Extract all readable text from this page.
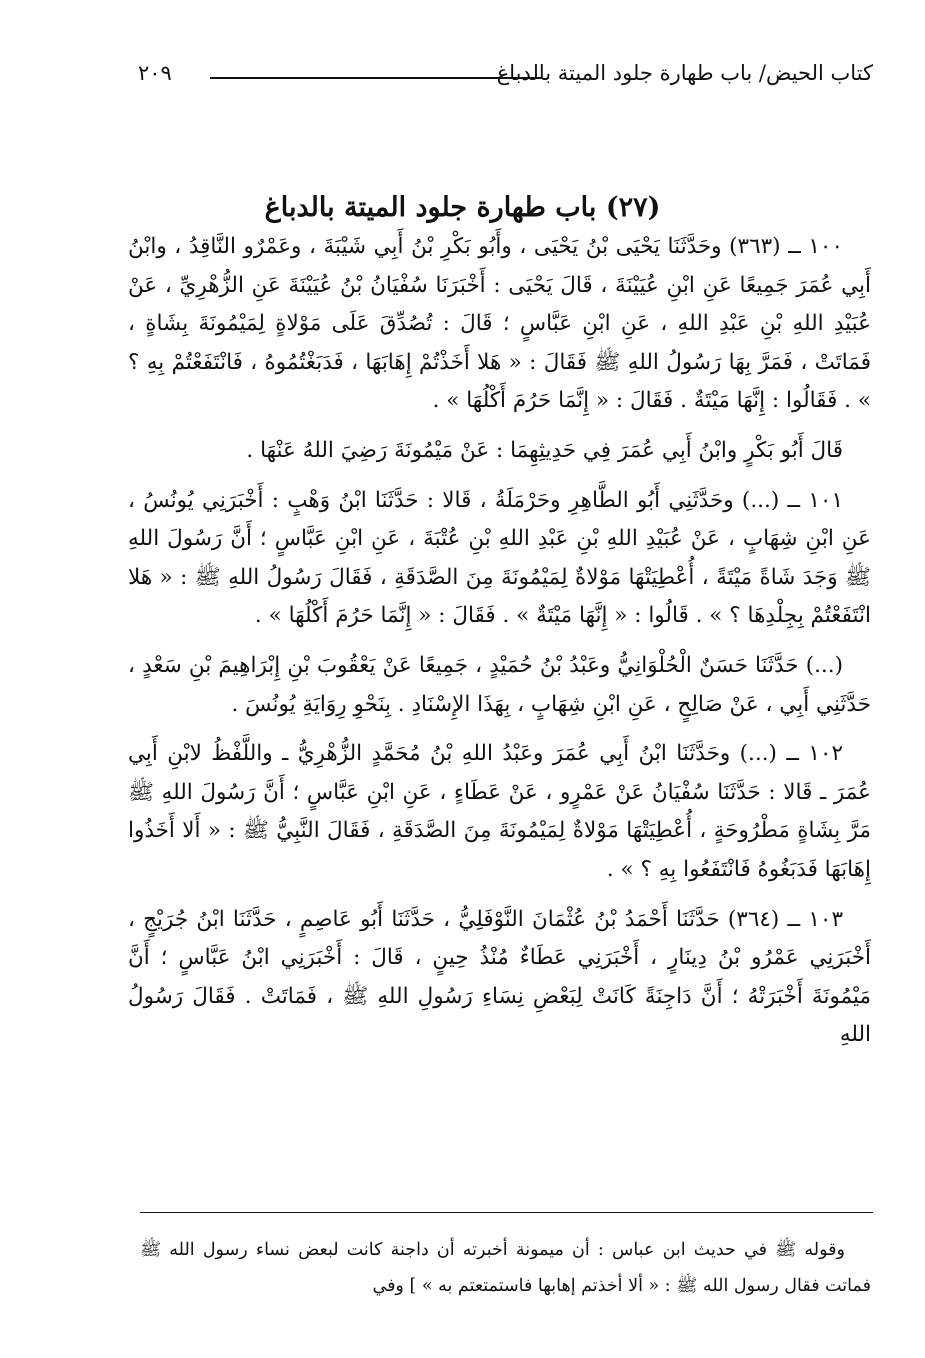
كتاب الحيض/ باب طهارة جلود الميتة بالدباغ
٢٠٩
(٢٧) باب طهارة جلود الميتة بالدباغ

١٠٠ ــ (٣٦٣) وحَدَّثَنَا يَحْيَى بْنُ يَحْيَى ، وأَبُو بَكْرِ بْنُ أَبِي شَيْبَةَ ، وعَمْرٌو النَّاقِدُ ، وابْنُ أَبِي عُمَرَ جَمِيعًا عَنِ ابْنِ عُيَيْنَةَ ، قَالَ يَحْيَى : أَخْبَرَنَا سُفْيَانُ بْنُ عُيَيْنَةَ عَنِ الزُّهْرِيِّ ، عَنْ عُبَيْدِ اللهِ بْنِ عَبْدِ اللهِ ، عَنِ ابْنِ عَبَّاسٍ ؛ قَالَ : تُصُدِّقَ عَلَى مَوْلاةٍ لِمَيْمُونَةَ بِشَاةٍ ، فَمَاتَتْ ، فَمَرَّ بِهَا رَسُولُ اللهِ ﷺ فَقَالَ : « هَلا أَخَذْتُمْ إِهَابَهَا ، فَدَبَغْتُمُوهُ ، فَانْتَفَعْتُمْ بِهِ ؟ » . فَقَالُوا : إِنَّهَا مَيْتَةٌ . فَقَالَ : « إِنَّمَا حَرُمَ أَكْلُهَا » .

قَالَ أَبُو بَكْرٍ وابْنُ أَبِي عُمَرَ فِي حَدِيثِهِمَا : عَنْ مَيْمُونَةَ رَضِيَ اللهُ عَنْهَا .

١٠١ ــ (...) وحَدَّثَنِي أَبُو الطَّاهِرِ وحَرْمَلَةُ ، قَالا : حَدَّثَنَا ابْنُ وَهْبٍ : أَخْبَرَنِي يُونُسُ ، عَنِ ابْنِ شِهَابٍ ، عَنْ عُبَيْدِ اللهِ بْنِ عَبْدِ اللهِ بْنِ عُتْبَةَ ، عَنِ ابْنِ عَبَّاسٍ ؛ أَنَّ رَسُولَ اللهِ ﷺ وَجَدَ شَاةً مَيْتَةً ، أُعْطِيَتْهَا مَوْلاةٌ لِمَيْمُونَةَ مِنَ الصَّدَقَةِ ، فَقَالَ رَسُولُ اللهِ ﷺ : « هَلا انْتَفَعْتُمْ بِجِلْدِهَا ؟ » . قَالُوا : « إِنَّهَا مَيْتَةٌ » . فَقَالَ : « إِنَّمَا حَرُمَ أَكْلُهَا » .

(...) حَدَّثَنَا حَسَنٌ الْحُلْوَانِيُّ وعَبْدُ بْنُ حُمَيْدٍ ، جَمِيعًا عَنْ يَعْقُوبَ بْنِ إِبْرَاهِيمَ بْنِ سَعْدٍ ، حَدَّثَنِي أَبِي ، عَنْ صَالِحٍ ، عَنِ ابْنِ شِهَابٍ ، بِهَذَا الإِسْنَادِ . بِنَحْوِ رِوَايَةِ يُونُسَ .

١٠٢ ــ (...) وحَدَّثَنَا ابْنُ أَبِي عُمَرَ وعَبْدُ اللهِ بْنُ مُحَمَّدٍ الزُّهْرِيُّ ـ واللَّفْظُ لابْنِ أَبِي عُمَرَ ـ قَالا : حَدَّثَنَا سُفْيَانُ عَنْ عَمْرٍو ، عَنْ عَطَاءٍ ، عَنِ ابْنِ عَبَّاسٍ ؛ أَنَّ رَسُولَ اللهِ ﷺ مَرَّ بِشَاةٍ مَطْرُوحَةٍ ، أُعْطِيَتْهَا مَوْلاةٌ لِمَيْمُونَةَ مِنَ الصَّدَقَةِ ، فَقَالَ النَّبِيُّ ﷺ : « أَلا أَخَذُوا إِهَابَهَا فَدَبَغُوهُ فَانْتَفَعُوا بِهِ ؟ » .

١٠٣ ــ (٣٦٤) حَدَّثَنَا أَحْمَدُ بْنُ عُثْمَانَ النَّوْفَلِيُّ ، حَدَّثَنَا أَبُو عَاصِمٍ ، حَدَّثَنَا ابْنُ جُرَيْجٍ ، أَخْبَرَنِي عَمْرُو بْنُ دِينَارٍ ، أَخْبَرَنِي عَطَاءٌ مُنْذُ حِينٍ ، قَالَ : أَخْبَرَنِي ابْنُ عَبَّاسٍ ؛ أَنَّ مَيْمُونَةَ أَخْبَرَتْهُ ؛ أَنَّ دَاجِنَةً كَانَتْ لِبَعْضِ نِسَاءِ رَسُولِ اللهِ ﷺ ، فَمَاتَتْ . فَقَالَ رَسُولُ اللهِ

وقوله ﷺ في حديث ابن عباس : أن ميمونة أخبرته أن داجنة كانت لبعض نساء رسول الله ﷺ فماتت فقال رسول الله ﷺ : « ألا أخذتم إهابها فاستمتعتم به » ] وفي
